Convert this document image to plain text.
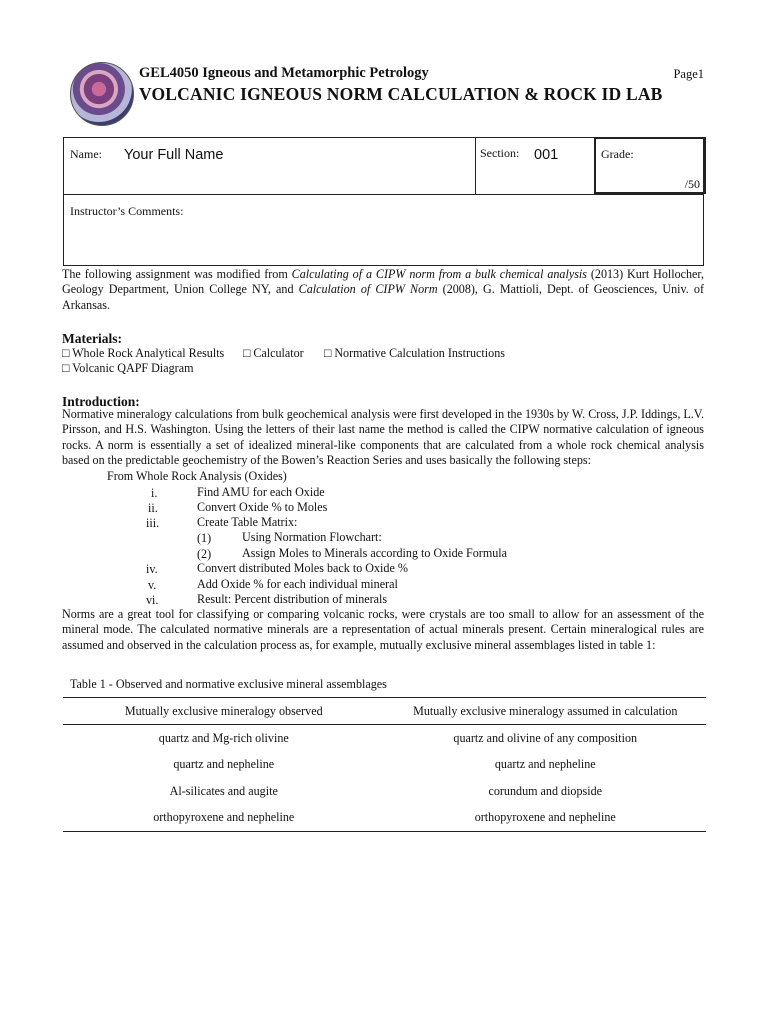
GEL4050 Igneous and Metamorphic Petrology
VOLCANIC IGNEOUS NORM CALCULATION & ROCK ID LAB
Page1
Name: Your Full Name	Section: 001	Grade:
/50
Instructor’s Comments:
The following assignment was modified from Calculating of a CIPW norm from a bulk chemical analysis (2013) Kurt Hollocher, Geology Department, Union College NY, and Calculation of CIPW Norm (2008), G. Mattioli, Dept. of Geosciences, Univ. of Arkansas.
Materials:
□ Whole Rock Analytical Results □ Calculator □ Normative Calculation Instructions
□ Volcanic QAPF Diagram
Introduction:
Normative mineralogy calculations from bulk geochemical analysis were first developed in the 1930s by W. Cross, J.P. Iddings, L.V. Pirsson, and H.S. Washington. Using the letters of their last name the method is called the CIPW normative calculation of igneous rocks. A norm is essentially a set of idealized mineral-like components that are calculated from a whole rock chemical analysis based on the predictable geochemistry of the Bowen’s Reaction Series and uses basically the following steps:
From Whole Rock Analysis (Oxides)
i.	Find AMU for each Oxide
ii.	Convert Oxide % to Moles
iii.	Create Table Matrix:
(1)	Using Normation Flowchart:
(2)	Assign Moles to Minerals according to Oxide Formula
iv.	Convert distributed Moles back to Oxide %
v.	Add Oxide % for each individual mineral
vi.	Result: Percent distribution of minerals
Norms are a great tool for classifying or comparing volcanic rocks, were crystals are too small to allow for an assessment of the mineral mode. The calculated normative minerals are a representation of actual minerals present. Certain mineralogical rules are assumed and observed in the calculation process as, for example, mutually exclusive mineral assemblages listed in table 1:
Table 1 - Observed and normative exclusive mineral assemblages
Mutually exclusive mineralogy observed	Mutually exclusive mineralogy assumed in calculation
quartz and Mg-rich olivine	quartz and olivine of any composition
quartz and nepheline	quartz and nepheline
Al-silicates and augite	corundum and diopside
orthopyroxene and nepheline	orthopyroxene and nepheline
